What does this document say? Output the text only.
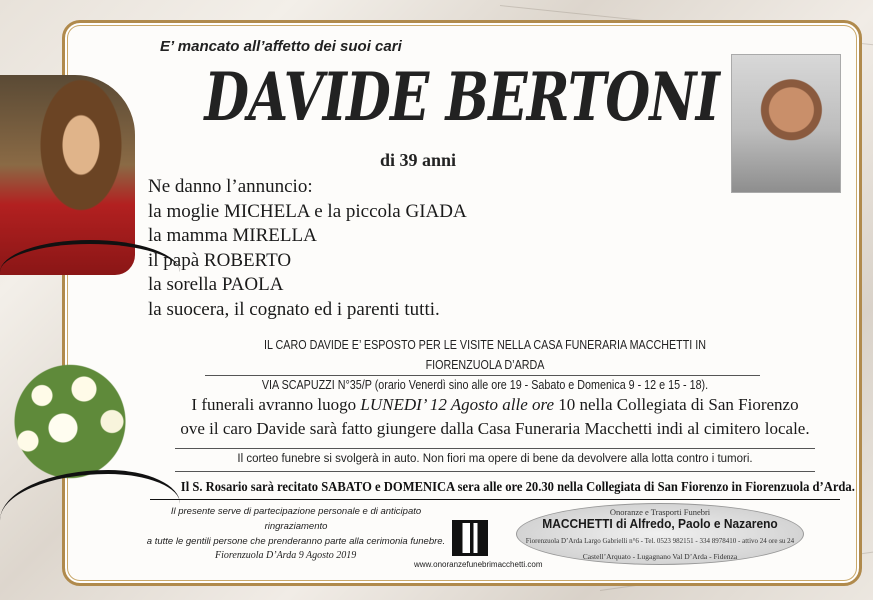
E’ mancato all’affetto dei suoi cari
DAVIDE BERTONI
di 39 anni
Ne danno l’annuncio:
la moglie MICHELA e la piccola GIADA
la mamma MIRELLA
il papà ROBERTO
la sorella PAOLA
la suocera, il cognato ed i parenti tutti.
IL CARO DAVIDE E’ ESPOSTO PER LE VISITE NELLA CASA FUNERARIA MACCHETTI IN FIORENZUOLA D’ARDA
VIA SCAPUZZI N°35/P (orario Venerdì sino alle ore 19 - Sabato e Domenica 9 - 12 e 15 - 18).
I funerali avranno luogo LUNEDI’ 12 Agosto alle ore 10 nella Collegiata di San Fiorenzo
ove il caro Davide sarà fatto giungere dalla Casa Funeraria Macchetti indi al cimitero locale.
Il corteo funebre si svolgerà in auto. Non fiori ma opere di bene da devolvere alla lotta contro i tumori.
Il S. Rosario sarà recitato SABATO e DOMENICA sera alle ore 20.30 nella Collegiata di San Fiorenzo in Fiorenzuola d’Arda.
Il presente serve di partecipazione personale e di anticipato ringraziamento
a tutte le gentili persone che prenderanno parte alla cerimonia funebre.
Fiorenzuola D’Arda 9 Agosto 2019
www.onoranzefunebrimacchetti.com
Onoranze e Trasporti Funebri
MACCHETTI di Alfredo, Paolo e Nazareno
Fiorenzuola D’Arda Largo Gabrielli n°6 - Tel. 0523 982151 - 334 8978410 - attivo 24 ore su 24
Castell’Arquato - Lugagnano Val D’Arda - Fidenza
